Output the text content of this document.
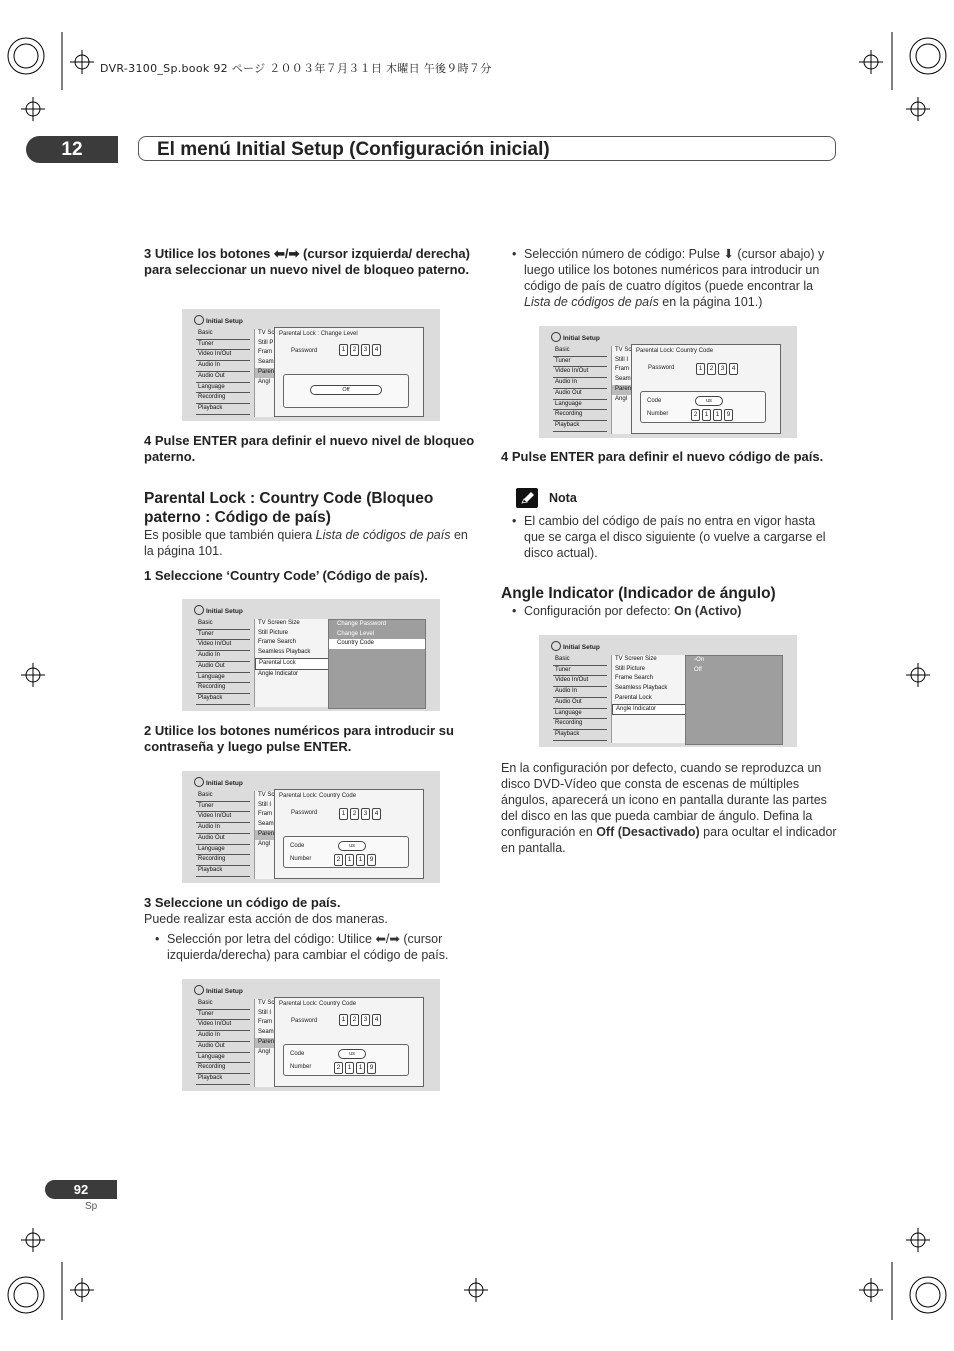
DVR-3100_Sp.book 92 ページ ２００３年７月３１日 木曜日 午後９時７分
12	El menú Initial Setup (Configuración inicial)
3 Utilice los botones ⬅/➡ (cursor izquierda/ derecha) para seleccionar un nuevo nivel de bloqueo paterno.
Initial Setup
Basic
Tuner
Video In/Out
Audio In
Audio Out
Language
Recording
Playback
TV Sc
Still P
Fram
Seam
Paren
Angl
Parental Lock : Change Level
Password	1	2	3	4
Off
4 Pulse ENTER para definir el nuevo nivel de bloqueo paterno.
Parental Lock : Country Code (Bloqueo paterno : Código de país)
Es posible que también quiera Lista de códigos de país en la página 101.
1 Seleccione ‘Country Code’ (Código de país).
Initial Setup
Basic
Tuner
Video In/Out
Audio In
Audio Out
Language
Recording
Playback
TV Screen Size
Still Picture
Frame Search
Seamless Playback
Parental Lock
Angle Indicator
Change Password
Change Level
Country Code
2 Utilice los botones numéricos para introducir su contraseña y luego pulse ENTER.
Initial Setup
Basic
Tuner
Video In/Out
Audio In
Audio Out
Language
Recording
Playback
TV Sc
Still I
Fram
Seam
Paren
Angl
Parental Lock: Country Code
Password	1	2	3	4
Code	us
Number	2	1	1	9
3 Seleccione un código de país.
Puede realizar esta acción de dos maneras.
• Selección por letra del código: Utilice ⬅/➡ (cursor izquierda/derecha) para cambiar el código de país.
Initial Setup
Basic
Tuner
Video In/Out
Audio In
Audio Out
Language
Recording
Playback
TV Sc
Still I
Fram
Seam
Paren
Angl
Parental Lock: Country Code
Password	1	2	3	4
Code	us
Number	2	1	1	9
• Selección número de código: Pulse ⬇ (cursor abajo) y luego utilice los botones numéricos para introducir un código de país de cuatro dígitos (puede encontrar la Lista de códigos de país en la página 101.)
Initial Setup
Basic
Tuner
Video In/Out
Audio In
Audio Out
Language
Recording
Playback
TV Sc
Still I
Fram
Seam
Paren
Angl
Parental Lock: Country Code
Password	1	2	3	4
Code	us
Number	2	1	1	9
4 Pulse ENTER para definir el nuevo código de país.
Nota
• El cambio del código de país no entra en vigor hasta que se carga el disco siguiente (o vuelve a cargarse el disco actual).
Angle Indicator (Indicador de ángulo)
• Configuración por defecto: On (Activo)
Initial Setup
Basic
Tuner
Video In/Out
Audio In
Audio Out
Language
Recording
Playback
TV Screen Size
Still Picture
Frame Search
Seamless Playback
Parental Lock
Angle Indicator
▫On
Off
En la configuración por defecto, cuando se reproduzca un disco DVD-Vídeo que consta de escenas de múltiples ángulos, aparecerá un icono en pantalla durante las partes del disco en las que pueda cambiar de ángulo. Defina la configuración en Off (Desactivado) para ocultar el indicador en pantalla.
92
Sp
